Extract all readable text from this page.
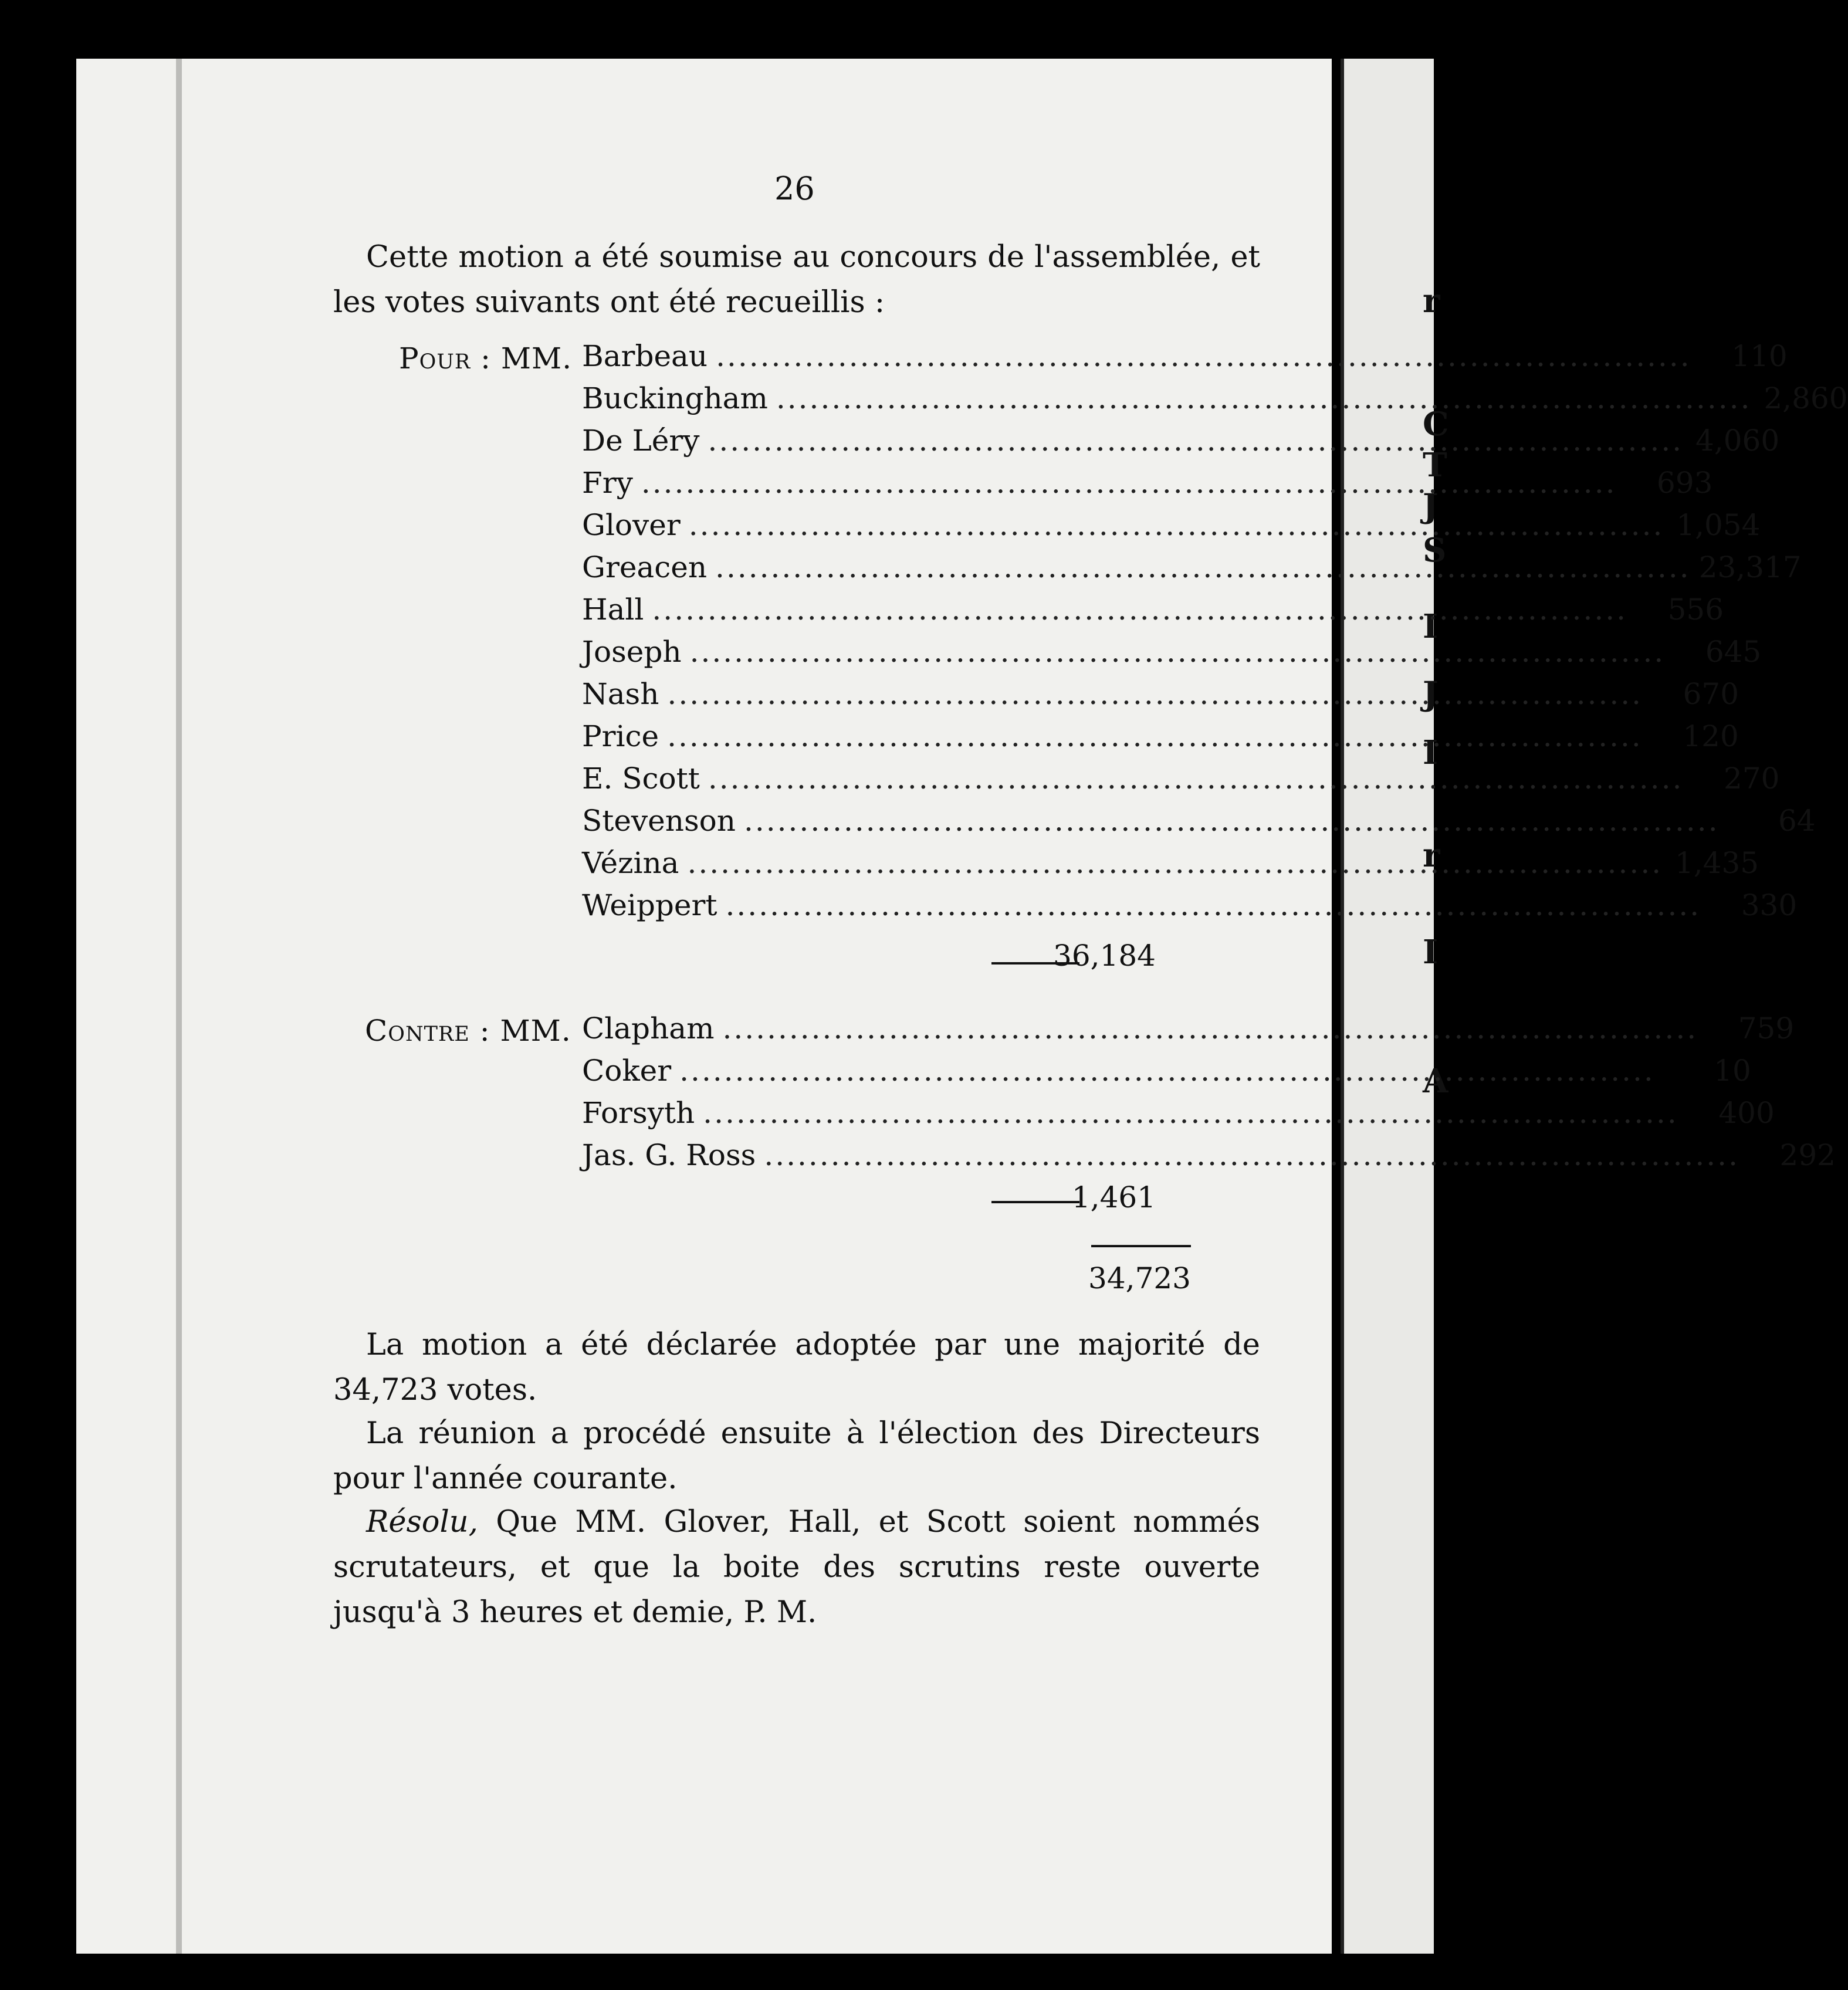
r
C
T
J
S
I
J
I
r
I
A
26
Cette motion a été soumise au concours de l'assemblée, et les votes suivants ont été recueillis :
Pour : MM. Barbeau .....	110
Buckingham .....	2,860
De Léry .....	4,060
Fry .....	693
Glover .....	1,054
Greacen .....	23,317
Hall .....	556
Joseph .....	645
Nash .....	670
Price .....	120
E. Scott .....	270
Stevenson .....	64
Vézina .....	1,435
Weippert .....	330
36,184
Contre : MM. Clapham .....	759
Coker .....	10
Forsyth .....	400
Jas. G. Ross .....	292
1,461
34,723
La motion a été déclarée adoptée par une majorité de 34,723 votes.
La réunion a procédé ensuite à l'élection des Directeurs pour l'année courante.
Résolu, Que MM. Glover, Hall, et Scott soient nommés scrutateurs, et que la boite des scrutins reste ouverte jusqu'à 3 heures et demie, P. M.
